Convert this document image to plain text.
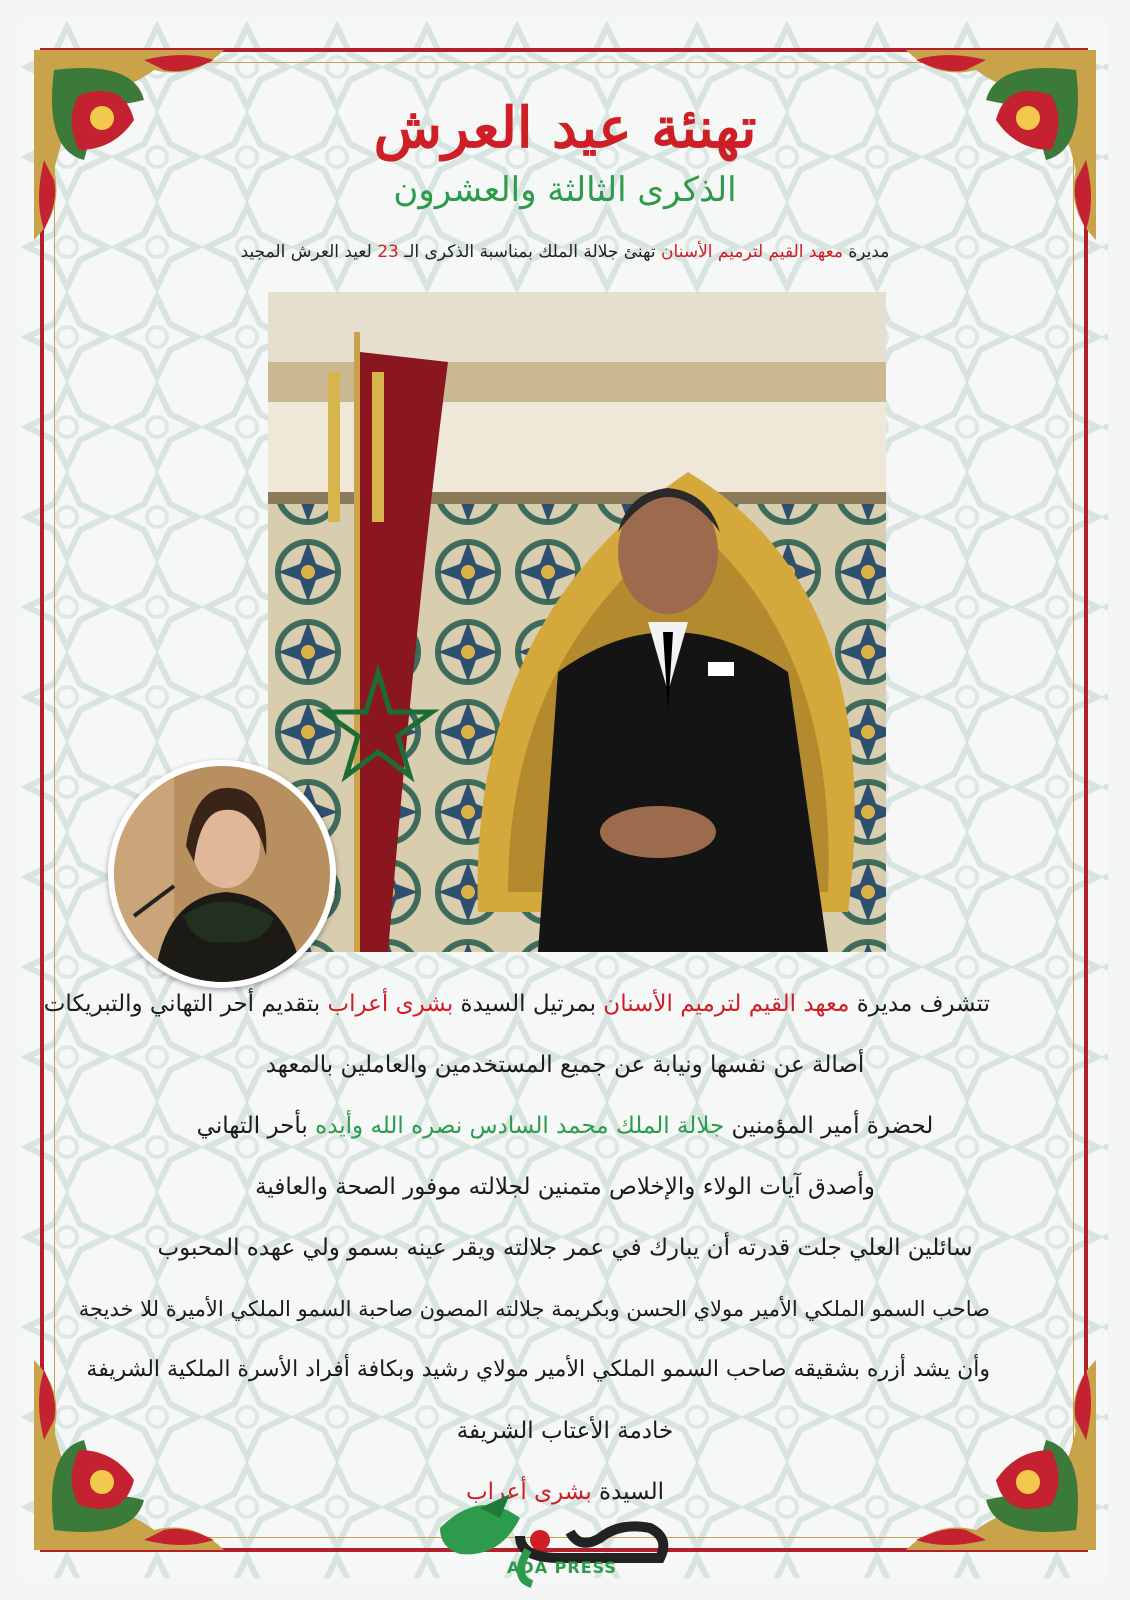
تهنئة عيد العرش
الذكرى الثالثة والعشرون
مديرة معهد القيم لترميم الأسنان تهنئ جلالة الملك بمناسبة الذكرى الـ 23 لعيد العرش المجيد
تتشرف مديرة معهد القيم لترميم الأسنان بمرتيل السيدة بشرى أعراب بتقديم أحر التهاني والتبريكات
أصالة عن نفسها ونيابة عن جميع المستخدمين والعاملين بالمعهد
لحضرة أمير المؤمنين جلالة الملك محمد السادس نصره الله وأيده بأحر التهاني
وأصدق آيات الولاء والإخلاص متمنين لجلالته موفور الصحة والعافية
سائلين العلي جلت قدرته أن يبارك في عمر جلالته ويقر عينه بسمو ولي عهده المحبوب
صاحب السمو الملكي الأمير مولاي الحسن وبكريمة جلالته المصون صاحبة السمو الملكي الأميرة للا خديجة
وأن يشد أزره بشقيقه صاحب السمو الملكي الأمير مولاي رشيد وبكافة أفراد الأسرة الملكية الشريفة
خادمة الأعتاب الشريفة
السيدة بشرى أعراب
ADA PRESS
